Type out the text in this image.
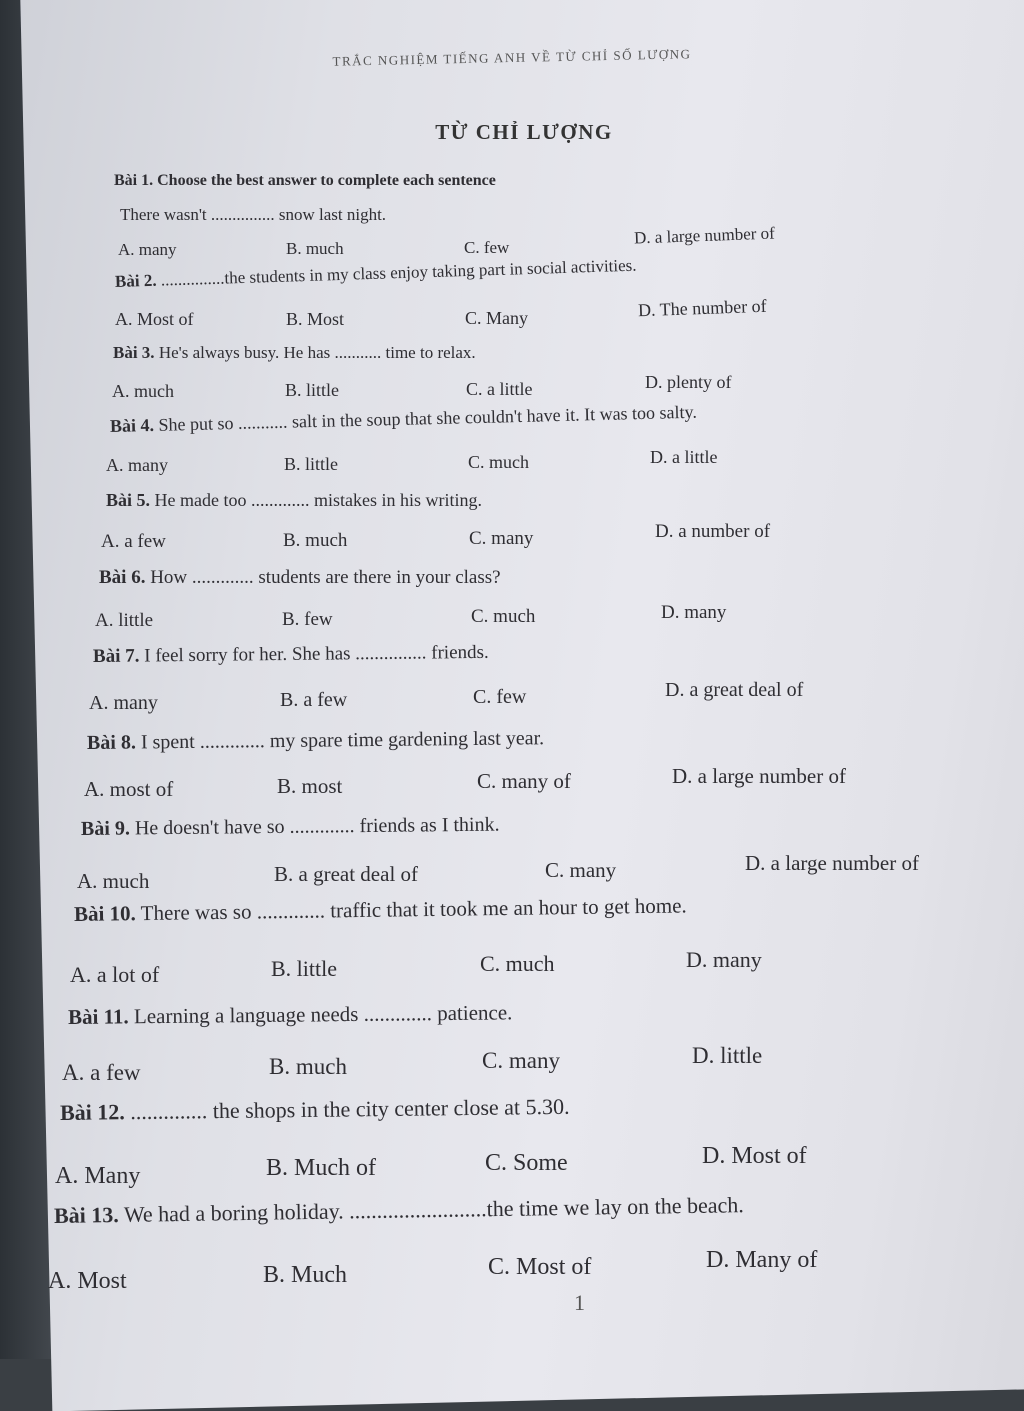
TRẮC NGHIỆM TIẾNG ANH VỀ TỪ CHỈ SỐ LƯỢNG
TỪ CHỈ LƯỢNG
Bài 1. Choose the best answer to complete each sentence
There wasn't ............... snow last night.
A. many	B. much	C. few
D. a large number of
Bài 2. ...............the students in my class enjoy taking part in social activities.
A. Most of	B. Most	C. Many	D. The number of
Bài 3. He's always busy. He has ........... time to relax.
A. much	B. little	C. a little	D. plenty of
Bài 4. She put so ........... salt in the soup that she couldn't have it. It was too salty.
A. many	B. little	C. much	D. a little
Bài 5. He made too ............. mistakes in his writing.
A. a few	B. much	C. many	D. a number of
Bài 6. How ............. students are there in your class?
A. little	B. few	C. much	D. many
Bài 7. I feel sorry for her. She has ............... friends.
A. many	B. a few	C. few	D. a great deal of
Bài 8. I spent ............. my spare time gardening last year.
A. most of	B. most	C. many of	D. a large number of
Bài 9. He doesn't have so ............. friends as I think.
A. much	B. a great deal of	C. many	D. a large number of
Bài 10. There was so ............. traffic that it took me an hour to get home.
A. a lot of	B. little	C. much	D. many
Bài 11. Learning a language needs ............. patience.
A. a few	B. much	C. many	D. little
Bài 12. .............. the shops in the city center close at 5.30.
A. Many	B. Much of	C. Some	D. Most of
Bài 13. We had a boring holiday. .........................the time we lay on the beach.
A. Most	B. Much	C. Most of	D. Many of
1
